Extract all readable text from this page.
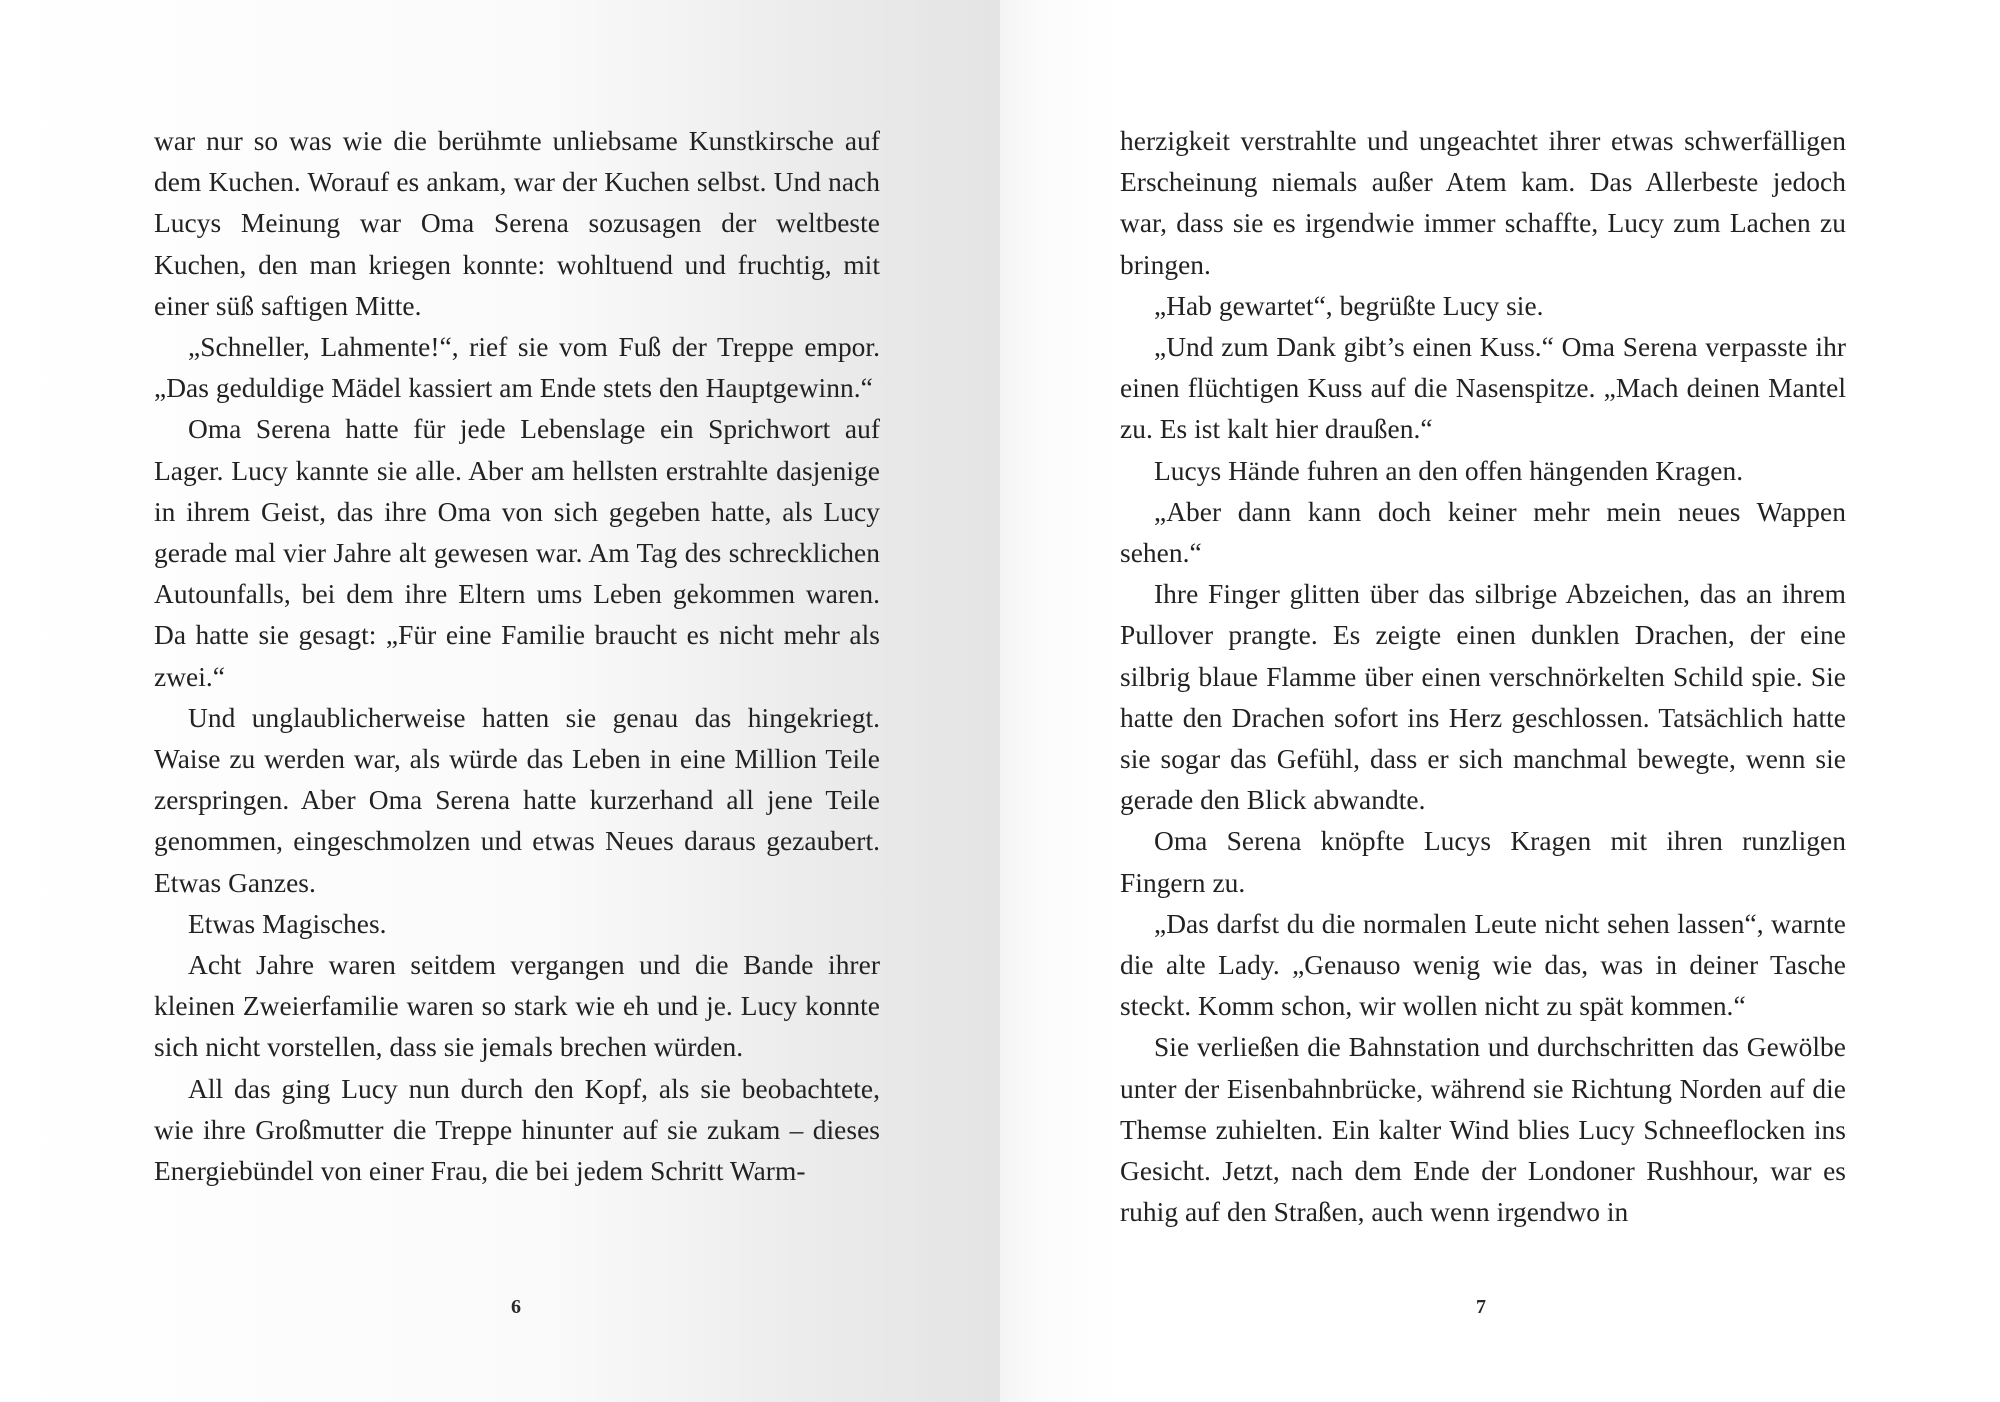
war nur so was wie die berühmte unliebsame Kunstkirsche auf dem Kuchen. Worauf es ankam, war der Kuchen selbst. Und nach Lucys Meinung war Oma Serena sozusagen der weltbeste Kuchen, den man kriegen konnte: wohltuend und fruchtig, mit einer süß saftigen Mitte.

„Schneller, Lahmente!“, rief sie vom Fuß der Treppe empor. „Das geduldige Mädel kassiert am Ende stets den Hauptgewinn.“

Oma Serena hatte für jede Lebenslage ein Sprichwort auf Lager. Lucy kannte sie alle. Aber am hellsten erstrahlte dasjenige in ihrem Geist, das ihre Oma von sich gegeben hatte, als Lucy gerade mal vier Jahre alt gewesen war. Am Tag des schrecklichen Autounfalls, bei dem ihre Eltern ums Leben gekommen waren. Da hatte sie gesagt: „Für eine Familie braucht es nicht mehr als zwei.“

Und unglaublicherweise hatten sie genau das hingekriegt. Waise zu werden war, als würde das Leben in eine Million Teile zerspringen. Aber Oma Serena hatte kurzerhand all jene Teile genommen, eingeschmolzen und etwas Neues daraus gezaubert. Etwas Ganzes.

Etwas Magisches.

Acht Jahre waren seitdem vergangen und die Bande ihrer kleinen Zweierfamilie waren so stark wie eh und je. Lucy konnte sich nicht vorstellen, dass sie jemals brechen würden.

All das ging Lucy nun durch den Kopf, als sie beobachtete, wie ihre Großmutter die Treppe hinunter auf sie zukam – dieses Energiebündel von einer Frau, die bei jedem Schritt Warm-

6

herzigkeit verstrahlte und ungeachtet ihrer etwas schwerfälligen Erscheinung niemals außer Atem kam. Das Allerbeste jedoch war, dass sie es irgendwie immer schaffte, Lucy zum Lachen zu bringen.

„Hab gewartet“, begrüßte Lucy sie.

„Und zum Dank gibt’s einen Kuss.“ Oma Serena verpasste ihr einen flüchtigen Kuss auf die Nasenspitze. „Mach deinen Mantel zu. Es ist kalt hier draußen.“

Lucys Hände fuhren an den offen hängenden Kragen.

„Aber dann kann doch keiner mehr mein neues Wappen sehen.“

Ihre Finger glitten über das silbrige Abzeichen, das an ihrem Pullover prangte. Es zeigte einen dunklen Drachen, der eine silbrig blaue Flamme über einen verschnörkelten Schild spie. Sie hatte den Drachen sofort ins Herz geschlossen. Tatsächlich hatte sie sogar das Gefühl, dass er sich manchmal bewegte, wenn sie gerade den Blick abwandte.

Oma Serena knöpfte Lucys Kragen mit ihren runzligen Fingern zu.

„Das darfst du die normalen Leute nicht sehen lassen“, warnte die alte Lady. „Genauso wenig wie das, was in deiner Tasche steckt. Komm schon, wir wollen nicht zu spät kommen.“

Sie verließen die Bahnstation und durchschritten das Gewölbe unter der Eisenbahnbrücke, während sie Richtung Norden auf die Themse zuhielten. Ein kalter Wind blies Lucy Schneeflocken ins Gesicht. Jetzt, nach dem Ende der Londoner Rushhour, war es ruhig auf den Straßen, auch wenn irgendwo in

7
